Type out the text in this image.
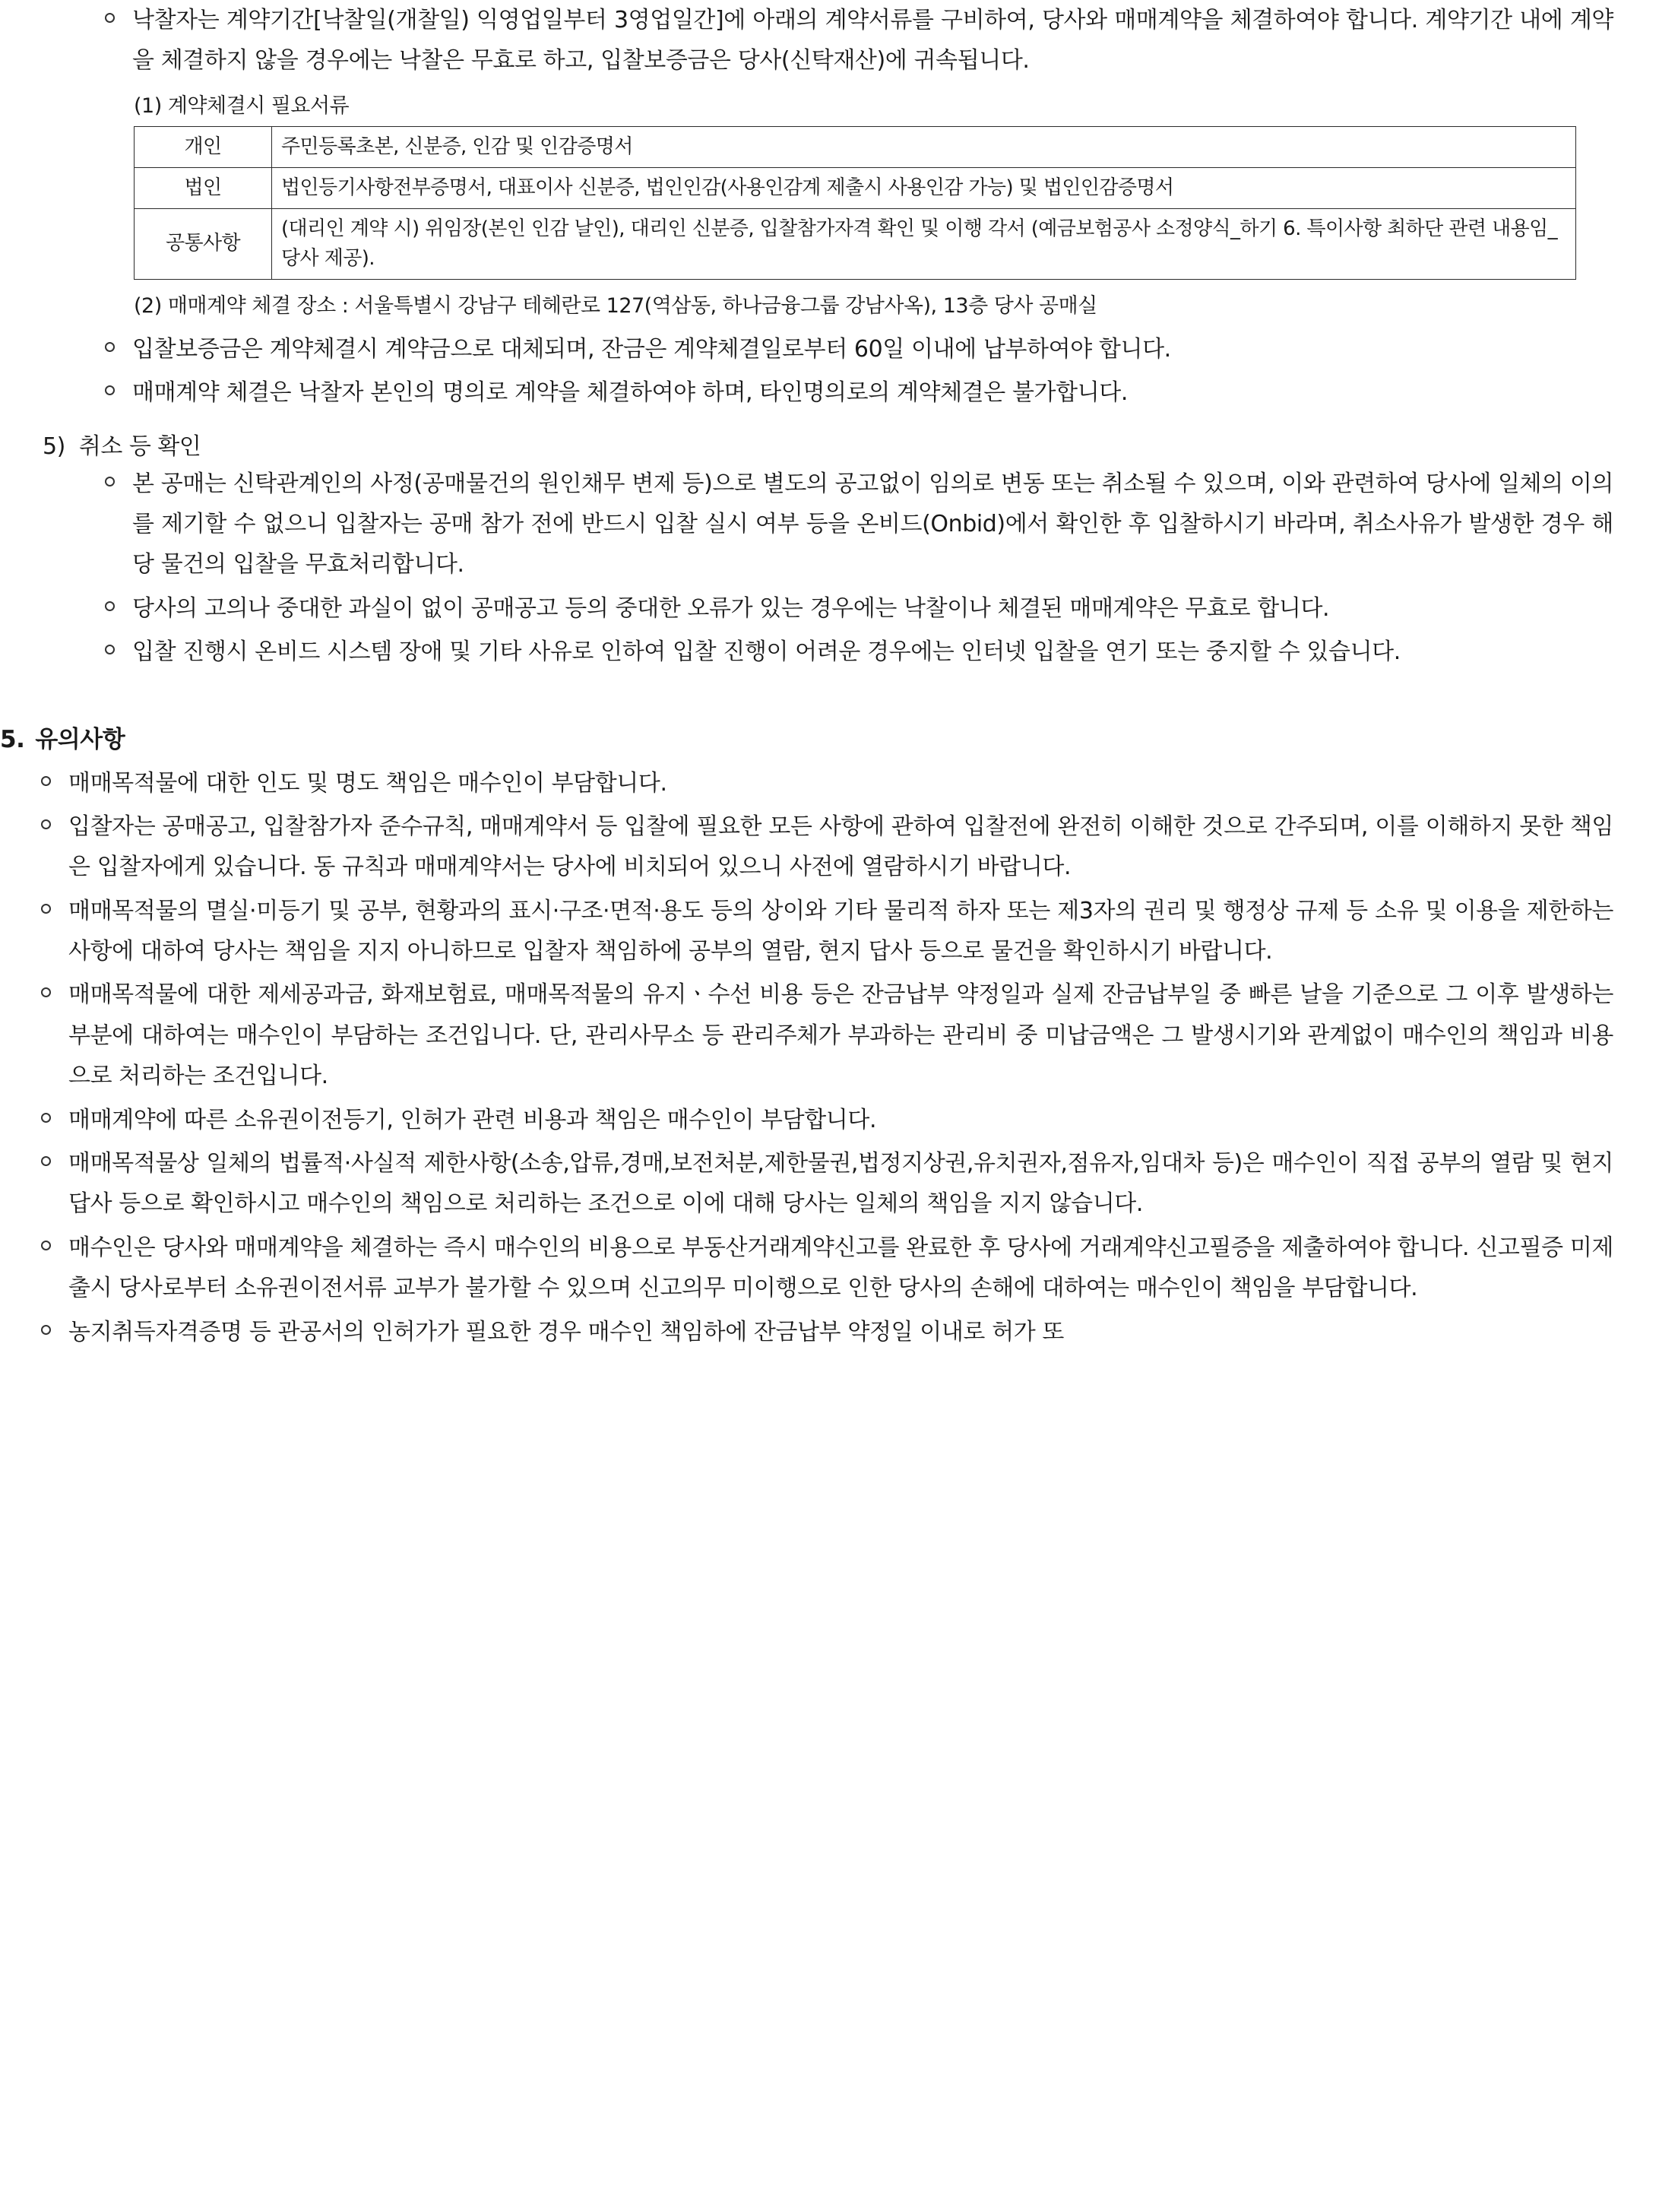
낙찰자는 계약기간[낙찰일(개찰일) 익영업일부터 3영업일간]에 아래의 계약서류를 구비하여, 당사와 매매계약을 체결하여야 합니다. 계약기간 내에 계약을 체결하지 않을 경우에는 낙찰은 무효로 하고, 입찰보증금은 당사(신탁재산)에 귀속됩니다.
(1) 계약체결시 필요서류
개인	주민등록초본, 신분증, 인감 및 인감증명서
법인	법인등기사항전부증명서, 대표이사 신분증, 법인인감(사용인감계 제출시 사용인감 가능) 및 법인인감증명서
공통사항	(대리인 계약 시) 위임장(본인 인감 날인), 대리인 신분증, 입찰참가자격 확인 및 이행 각서 (예금보험공사 소정양식_하기 6. 특이사항 최하단 관련 내용임_당사 제공).
(2) 매매계약 체결 장소 : 서울특별시 강남구 테헤란로 127(역삼동, 하나금융그룹 강남사옥), 13층 당사 공매실
입찰보증금은 계약체결시 계약금으로 대체되며, 잔금은 계약체결일로부터 60일 이내에 납부하여야 합니다.
매매계약 체결은 낙찰자 본인의 명의로 계약을 체결하여야 하며, 타인명의로의 계약체결은 불가합니다.
5) 취소 등 확인
본 공매는 신탁관계인의 사정(공매물건의 원인채무 변제 등)으로 별도의 공고없이 임의로 변동 또는 취소될 수 있으며, 이와 관련하여 당사에 일체의 이의를 제기할 수 없으니 입찰자는 공매 참가 전에 반드시 입찰 실시 여부 등을 온비드(Onbid)에서 확인한 후 입찰하시기 바라며, 취소사유가 발생한 경우 해당 물건의 입찰을 무효처리합니다.
당사의 고의나 중대한 과실이 없이 공매공고 등의 중대한 오류가 있는 경우에는 낙찰이나 체결된 매매계약은 무효로 합니다.
입찰 진행시 온비드 시스템 장애 및 기타 사유로 인하여 입찰 진행이 어려운 경우에는 인터넷 입찰을 연기 또는 중지할 수 있습니다.
5. 유의사항
매매목적물에 대한 인도 및 명도 책임은 매수인이 부담합니다.
입찰자는 공매공고, 입찰참가자 준수규칙, 매매계약서 등 입찰에 필요한 모든 사항에 관하여 입찰전에 완전히 이해한 것으로 간주되며, 이를 이해하지 못한 책임은 입찰자에게 있습니다. 동 규칙과 매매계약서는 당사에 비치되어 있으니 사전에 열람하시기 바랍니다.
매매목적물의 멸실·미등기 및 공부, 현황과의 표시·구조·면적·용도 등의 상이와 기타 물리적 하자 또는 제3자의 권리 및 행정상 규제 등 소유 및 이용을 제한하는 사항에 대하여 당사는 책임을 지지 아니하므로 입찰자 책임하에 공부의 열람, 현지 답사 등으로 물건을 확인하시기 바랍니다.
매매목적물에 대한 제세공과금, 화재보험료, 매매목적물의 유지ㆍ수선 비용 등은 잔금납부 약정일과 실제 잔금납부일 중 빠른 날을 기준으로 그 이후 발생하는 부분에 대하여는 매수인이 부담하는 조건입니다. 단, 관리사무소 등 관리주체가 부과하는 관리비 중 미납금액은 그 발생시기와 관계없이 매수인의 책임과 비용으로 처리하는 조건입니다.
매매계약에 따른 소유권이전등기, 인허가 관련 비용과 책임은 매수인이 부담합니다.
매매목적물상 일체의 법률적·사실적 제한사항(소송,압류,경매,보전처분,제한물권,법정지상권,유치권자,점유자,임대차 등)은 매수인이 직접 공부의 열람 및 현지답사 등으로 확인하시고 매수인의 책임으로 처리하는 조건으로 이에 대해 당사는 일체의 책임을 지지 않습니다.
매수인은 당사와 매매계약을 체결하는 즉시 매수인의 비용으로 부동산거래계약신고를 완료한 후 당사에 거래계약신고필증을 제출하여야 합니다. 신고필증 미제출시 당사로부터 소유권이전서류 교부가 불가할 수 있으며 신고의무 미이행으로 인한 당사의 손해에 대하여는 매수인이 책임을 부담합니다.
농지취득자격증명 등 관공서의 인허가가 필요한 경우 매수인 책임하에 잔금납부 약정일 이내로 허가 또
